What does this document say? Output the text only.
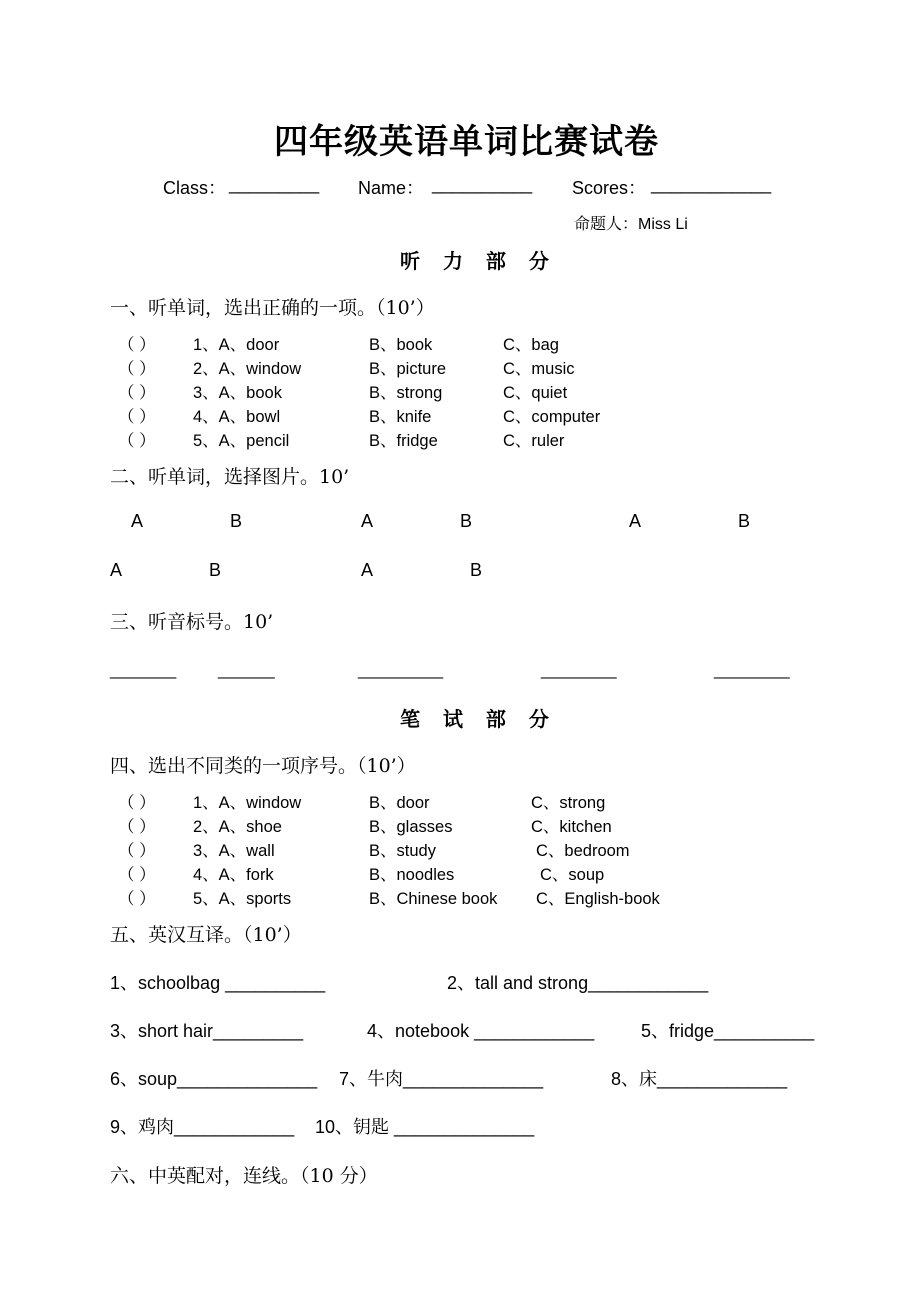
四年级英语单词比赛试卷
Class： _________ Name： __________ Scores： ____________
命题人：Miss Li
听 力 部 分
一、听单词，选出正确的一项。（10’）
（ ） 1、A、door	B、book	C、bag
（ ） 2、A、window	B、picture	C、music
（ ） 3、A、book	B、strong	C、quiet
（ ） 4、A、bowl	B、knife	C、computer
（ ） 5、A、pencil	B、fridge	C、ruler
二、听单词，选择图片。10’
A	B	A	B	A	B
A	B	A	B
三、听音标号。10’
_______ ______	_________	________	________
笔 试 部 分
四、选出不同类的一项序号。（10’）
（ ） 1、A、window	B、door	C、strong
（ ） 2、A、shoe	B、glasses	C、kitchen
（ ） 3、A、wall	B、study	C、bedroom
（ ） 4、A、fork	B、noodles	C、soup
（ ） 5、A、sports	B、Chinese book C、English-book
五、英汉互译。（10’）
1、schoolbag __________	2、tall and strong____________
3、short hair_________	4、notebook ____________	5、fridge__________
6、soup______________ 7、牛肉______________	8、床_____________
9、鸡肉____________ 10、钥匙 ______________
六、中英配对，连线。（10 分）
